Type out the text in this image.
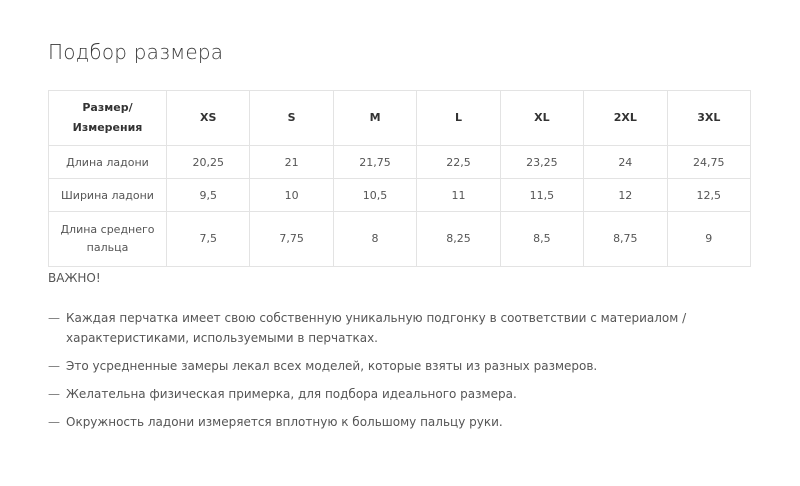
Подбор размера
Размер/
Измерения	XS	S	M	L	XL	2XL	3XL
Длина ладони	20,25	21	21,75	22,5	23,25	24	24,75
Ширина ладони	9,5	10	10,5	11	11,5	12	12,5

Длина среднего
пальца	7,5	7,75	8	8,25	8,5	8,75	9
ВАЖНО!
— Каждая перчатка имеет свою собственную уникальную подгонку в соответствии с материалом / характеристиками, используемыми в перчатках.
— Это усредненные замеры лекал всех моделей, которые взяты из разных размеров.
— Желательна физическая примерка, для подбора идеального размера.
— Окружность ладони измеряется вплотную к большому пальцу руки.
